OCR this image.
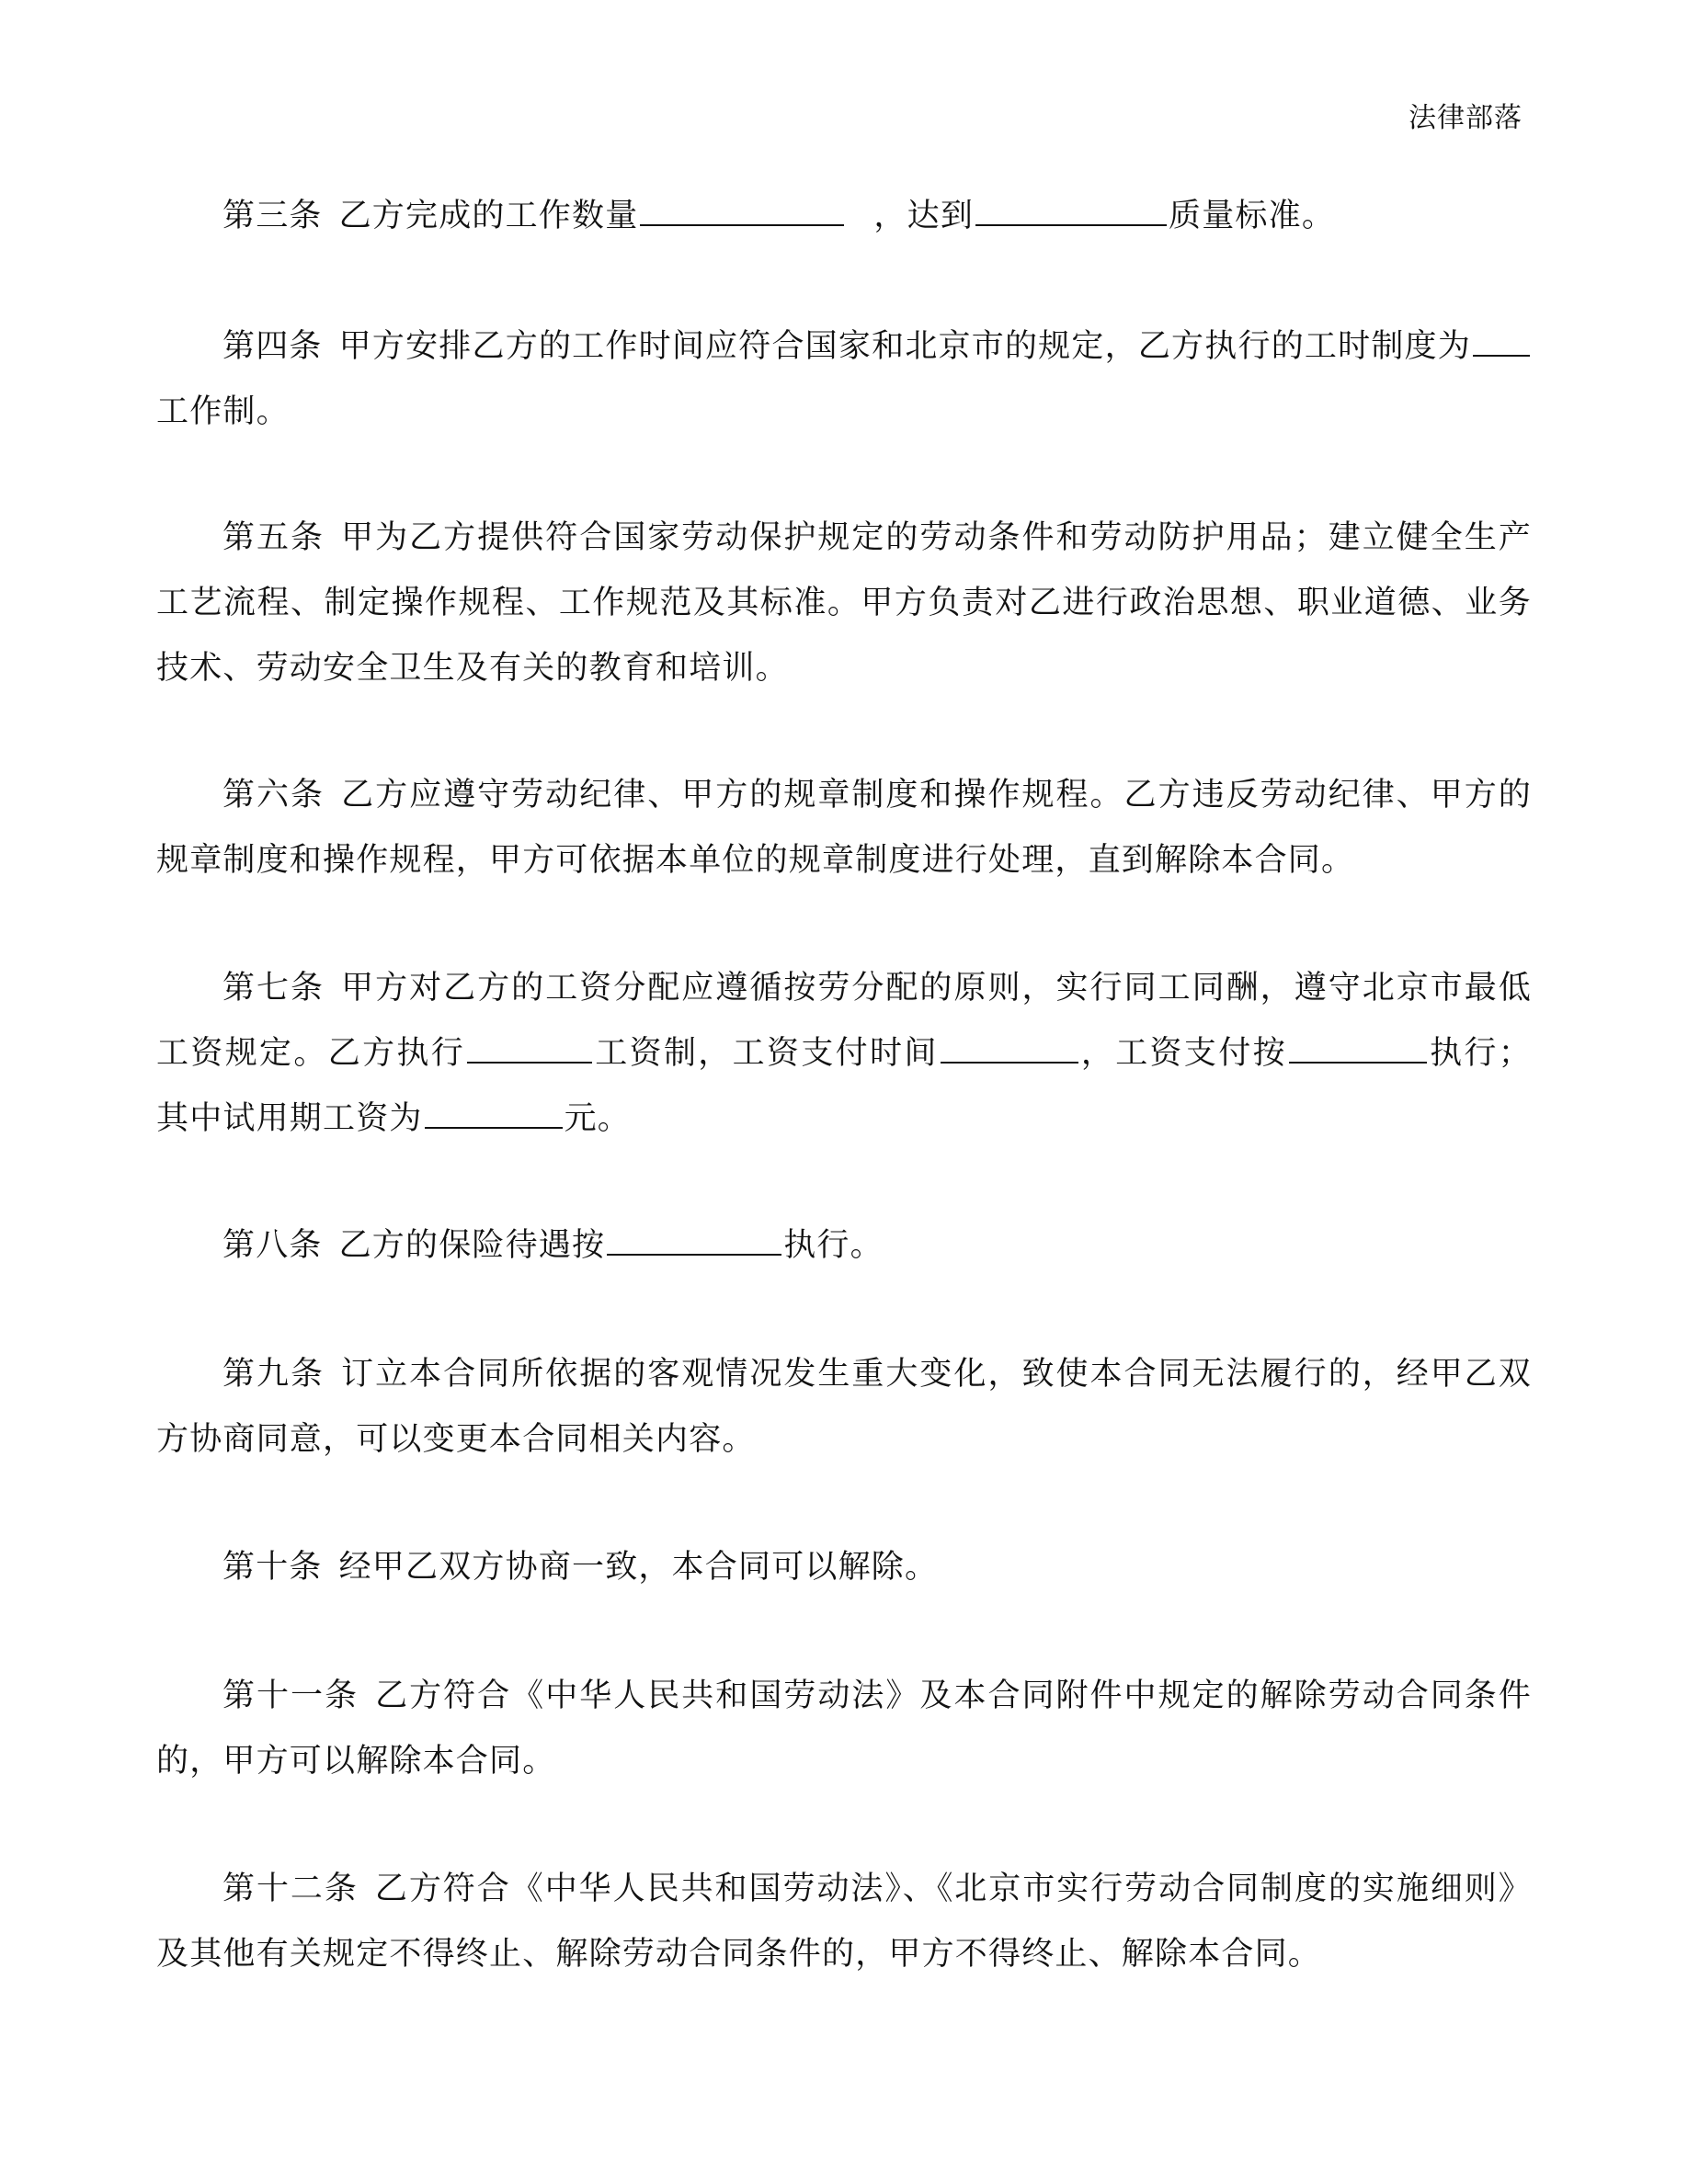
法律部落

第三条 乙方完成的工作数量	，达到	质量标准。

第四条 甲方安排乙方的工作时间应符合国家和北京市的规定，乙方执行的工时制度为工作制。

第五条 甲为乙方提供符合国家劳动保护规定的劳动条件和劳动防护用品；建立健全生产工艺流程、制定操作规程、工作规范及其标准。甲方负责对乙进行政治思想、职业道德、业务技术、劳动安全卫生及有关的教育和培训。

第六条 乙方应遵守劳动纪律、甲方的规章制度和操作规程。乙方违反劳动纪律、甲方的规章制度和操作规程，甲方可依据本单位的规章制度进行处理，直到解除本合同。

第七条 甲方对乙方的工资分配应遵循按劳分配的原则，实行同工同酬，遵守北京市最低工资规定。乙方执行	工资制，工资支付时间	，工资支付按	执行；其中试用期工资为	元。

第八条 乙方的保险待遇按	执行。

第九条 订立本合同所依据的客观情况发生重大变化，致使本合同无法履行的，经甲乙双方协商同意，可以变更本合同相关内容。

第十条 经甲乙双方协商一致，本合同可以解除。

第十一条 乙方符合《中华人民共和国劳动法》及本合同附件中规定的解除劳动合同条件的，甲方可以解除本合同。

第十二条 乙方符合《中华人民共和国劳动法》、《北京市实行劳动合同制度的实施细则》及其他有关规定不得终止、解除劳动合同条件的，甲方不得终止、解除本合同。
